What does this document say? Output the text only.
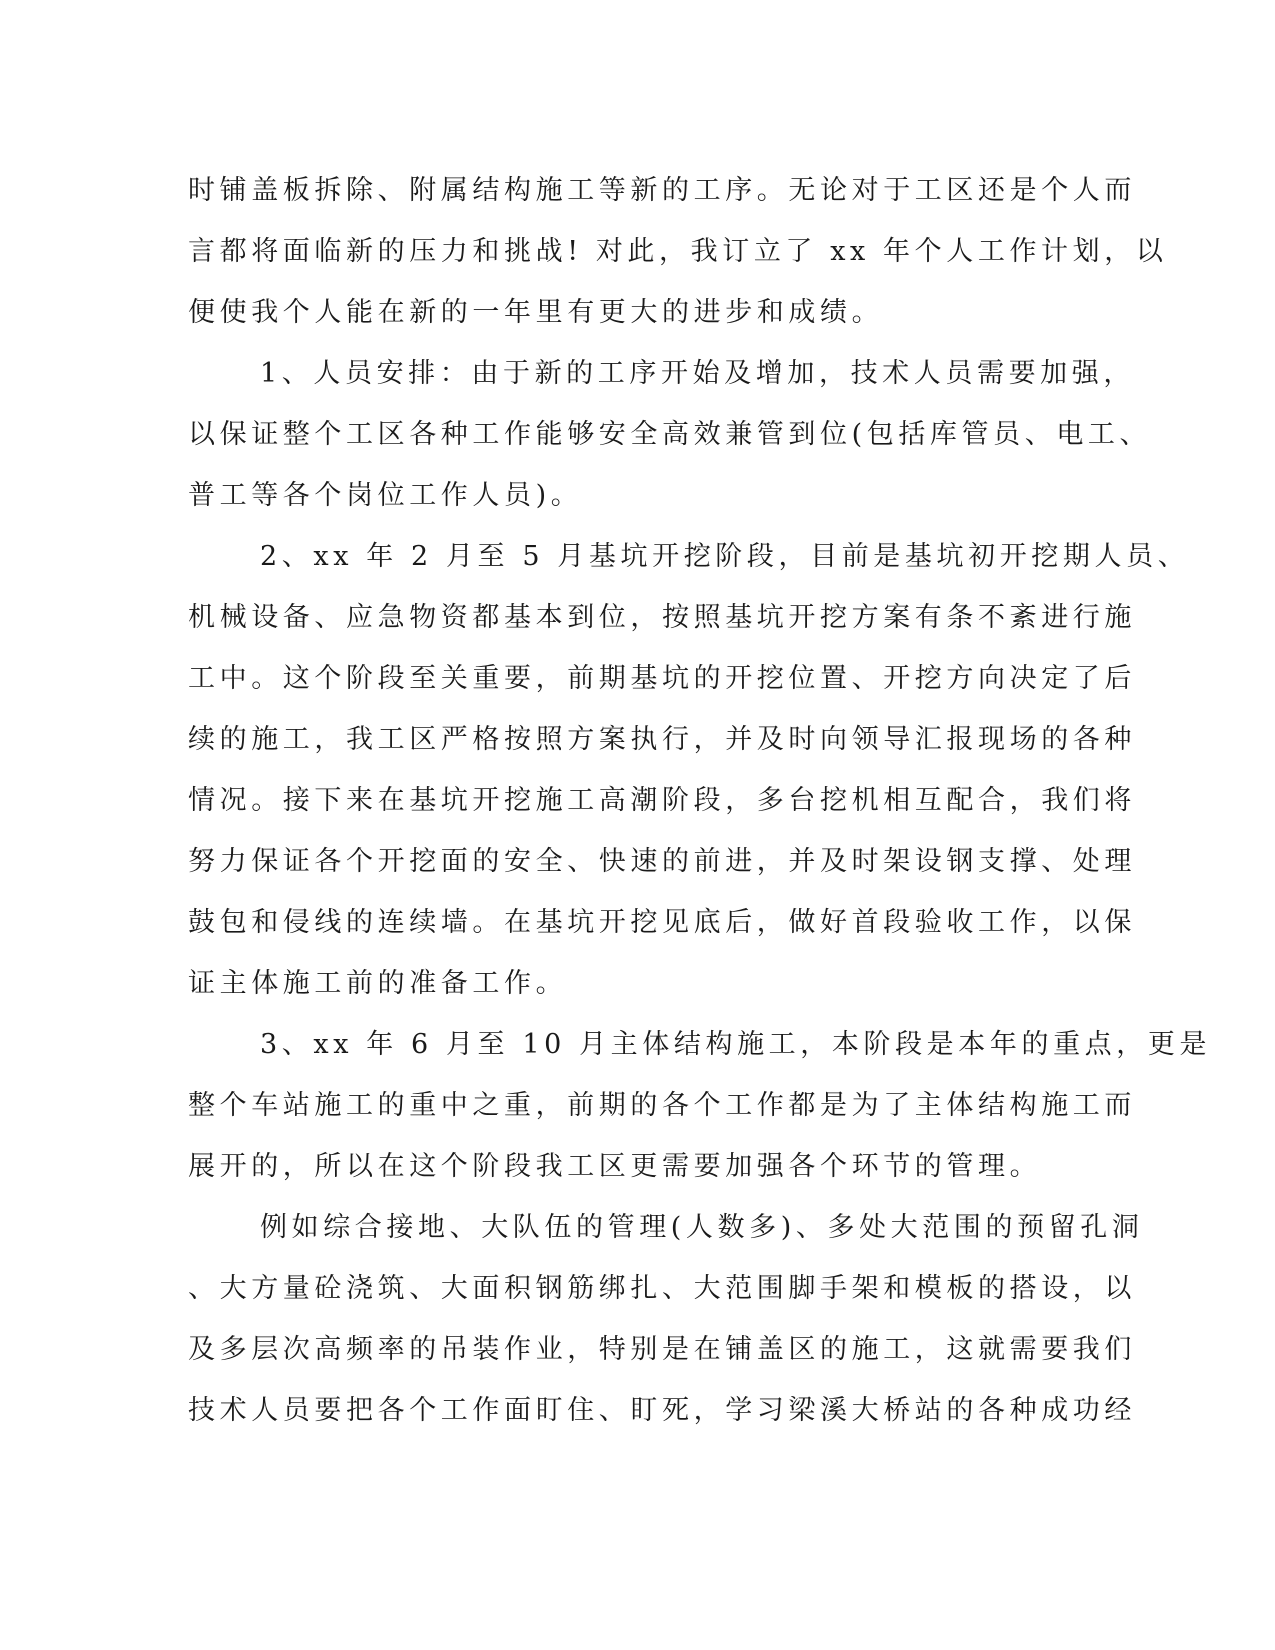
时铺盖板拆除、附属结构施工等新的工序。无论对于工区还是个人而
言都将面临新的压力和挑战! 对此，我订立了 xx 年个人工作计划，以
便使我个人能在新的一年里有更大的进步和成绩。
1、人员安排：由于新的工序开始及增加，技术人员需要加强，
以保证整个工区各种工作能够安全高效兼管到位(包括库管员、电工、
普工等各个岗位工作人员)。
2、xx 年 2 月至 5 月基坑开挖阶段，目前是基坑初开挖期人员、
机械设备、应急物资都基本到位，按照基坑开挖方案有条不紊进行施
工中。这个阶段至关重要，前期基坑的开挖位置、开挖方向决定了后
续的施工，我工区严格按照方案执行，并及时向领导汇报现场的各种
情况。接下来在基坑开挖施工高潮阶段，多台挖机相互配合，我们将
努力保证各个开挖面的安全、快速的前进，并及时架设钢支撑、处理
鼓包和侵线的连续墙。在基坑开挖见底后，做好首段验收工作，以保
证主体施工前的准备工作。
3、xx 年 6 月至 10 月主体结构施工，本阶段是本年的重点，更是
整个车站施工的重中之重，前期的各个工作都是为了主体结构施工而
展开的，所以在这个阶段我工区更需要加强各个环节的管理。
例如综合接地、大队伍的管理(人数多)、多处大范围的预留孔洞
、大方量砼浇筑、大面积钢筋绑扎、大范围脚手架和模板的搭设，以
及多层次高频率的吊装作业，特别是在铺盖区的施工，这就需要我们
技术人员要把各个工作面盯住、盯死，学习梁溪大桥站的各种成功经
